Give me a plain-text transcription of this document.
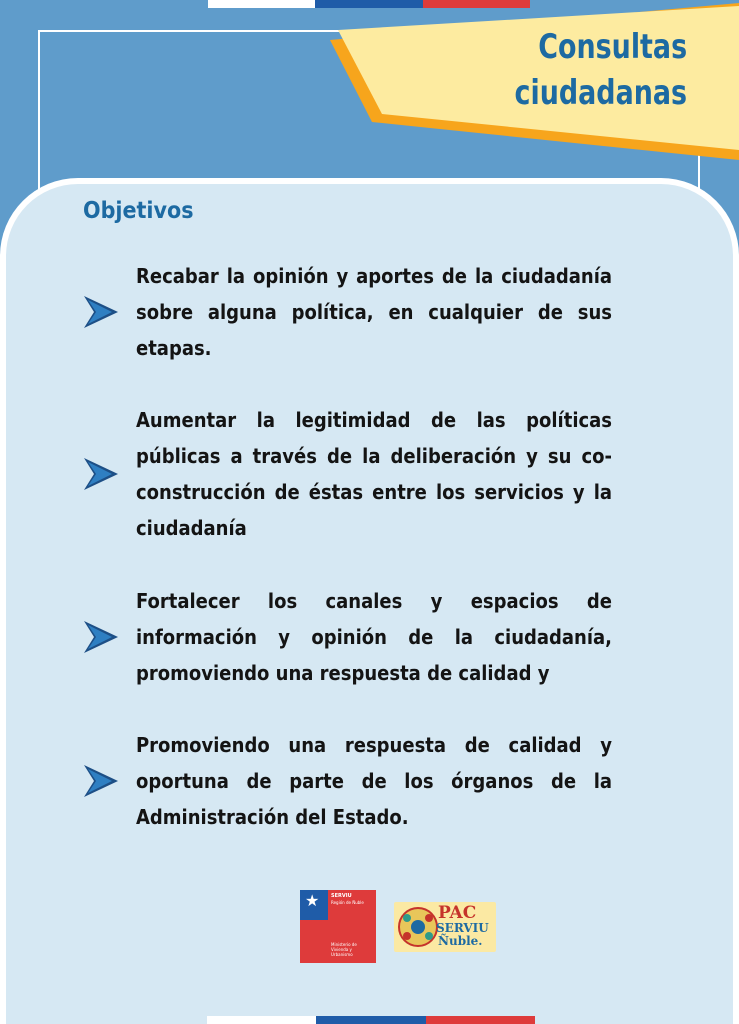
Consultas
ciudadanas
Objetivos
Recabar la opinión y aportes de la ciudadanía sobre alguna política, en cualquier de sus etapas.
Aumentar la legitimidad de las políticas públicas a través de la deliberación y su co-construcción de éstas entre los servicios y la ciudadanía
Fortalecer los canales y espacios de información y opinión de la ciudadanía, promoviendo una respuesta de calidad y
Promoviendo una respuesta de calidad y oportuna de parte de los órganos de la Administración del Estado.
★ SERVIU
Región de Ñuble
Ministerio de Vivienda y Urbanismo
PAC
SERVIU
Ñuble.
